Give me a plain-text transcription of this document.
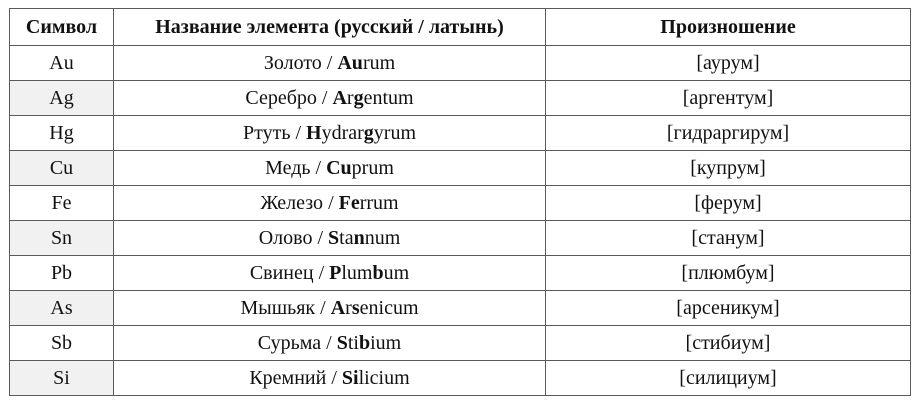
Символ	Название элемента (русский / латынь)	Произношение
Au	Золото / Aurum	[аурум]
Ag	Серебро / Argentum	[аргентум]
Hg	Ртуть / Hydrargyrum	[гидраргирум]
Cu	Медь / Cuprum	[купрум]
Fe	Железо / Ferrum	[ферум]
Sn	Олово / Stannum	[станум]
Pb	Свинец / Plumbum	[плюмбум]
As	Мышьяк / Arsenicum	[арсеникум]
Sb	Сурьма / Stibium	[стибиум]
Si	Кремний / Silicium	[силициум]
